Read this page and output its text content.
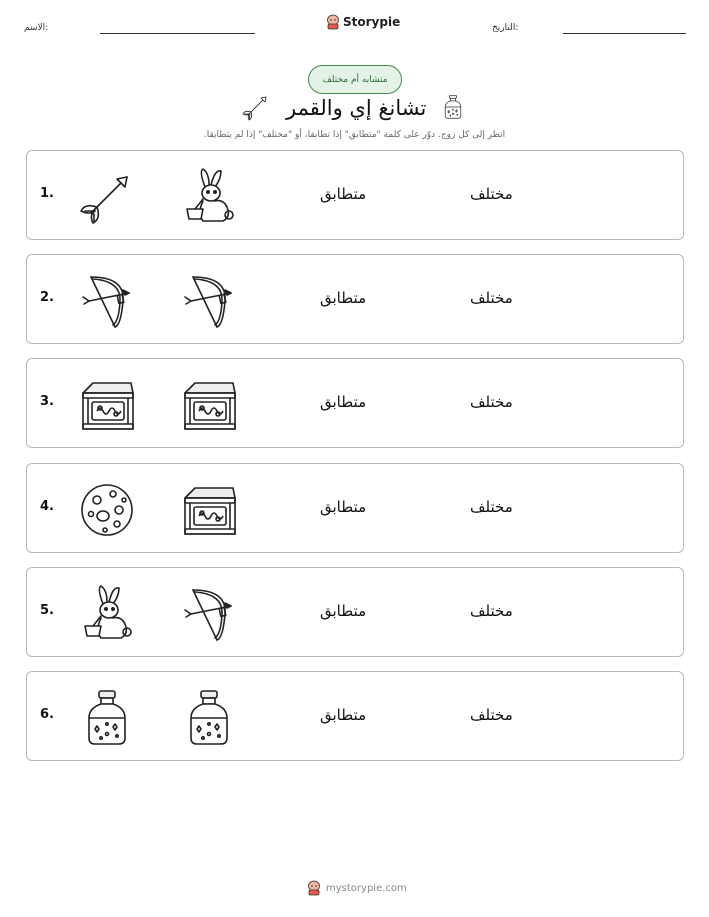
الاسم:	Storypie	التاريخ:
متشابه أم مختلف
تشانغ إي والقمر
انظر إلى كل زوج. دوّر على كلمة "متطابق" إذا تطابقا، أو "مختلف" إذا لم يتطابقا.
1.	متطابق	مختلف
2.	متطابق	مختلف
3.	متطابق	مختلف
4.	متطابق	مختلف
5.	متطابق	مختلف
6.	متطابق	مختلف
mystorypie.com
